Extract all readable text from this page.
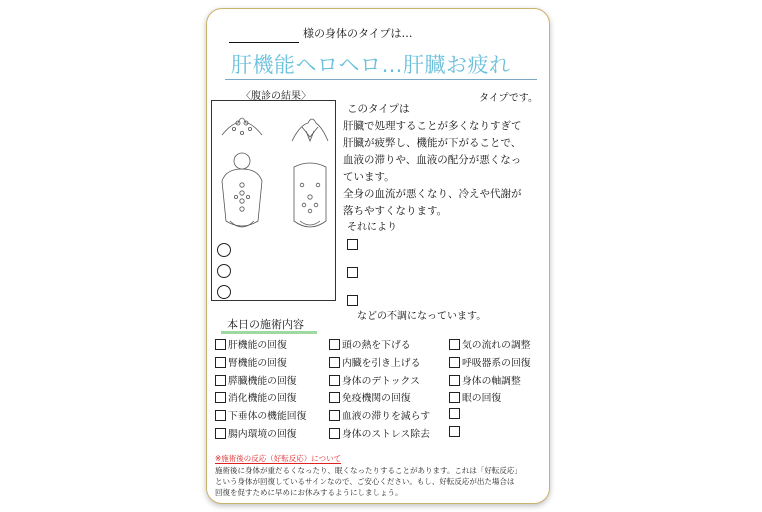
様の身体のタイプは…
肝機能ヘロヘロ…肝臓お疲れ
タイプです。
〈腹診の結果〉
このタイプは
肝臓で処理することが多くなりすぎて
肝臓が疲弊し、機能が下がることで、
血液の滞りや、血液の配分が悪くなっ
ています。
全身の血流が悪くなり、冷えや代謝が
落ちやすくなります。
それにより
などの不調になっています。
本日の施術内容
肝機能の回復
腎機能の回復
膵臓機能の回復
消化機能の回復
下垂体の機能回復
腸内環境の回復
頭の熱を下げる
内臓を引き上げる
身体のデトックス
免疫機関の回復
血液の滞りを減らす
身体のストレス除去
気の流れの調整
呼吸器系の回復
身体の軸調整
眼の回復
※施術後の反応（好転反応）について
施術後に身体が重だるくなったり、眠くなったりすることがあります。これは「好転反応」
という身体が回復しているサインなので、ご安心ください。もし、好転反応が出た場合は
回復を促すために早めにお休みするようにしましょう。
